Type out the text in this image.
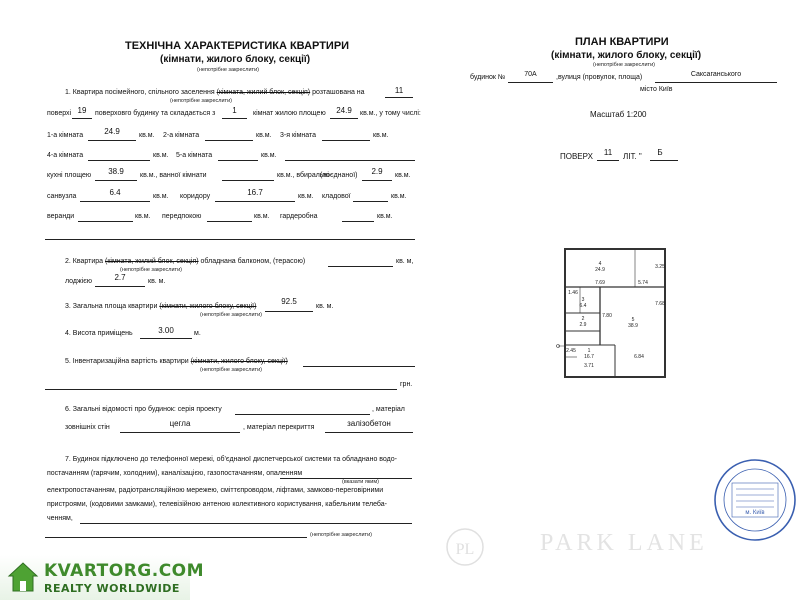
ТЕХНІЧНА ХАРАКТЕРИСТИКА КВАРТИРИ
(кімнати, жилого блоку, секції)
(непотрібне закреслити)
1. Квартира посімейного, спільного заселення (кімната, жилий блок, секція) розташована на	11
(непотрібне закреслити)
поверхі 19	поверховго будинку та складається з	1	кімнат жилою площею	24.9	кв.м., у тому числі:
1-а кімната	24.9	кв.м. 2-а кімната	кв.м. 3-я кімната	кв.м.
4-а кімната	кв.м. 5-а кімната	кв.м.
кухні площею	38.9	кв.м., ванної кімнати	кв.м., вбиральні
(поєднаної)	2.9	кв.м.
санвузла	6.4	кв.м. коридору	16.7	кв.м. кладової	кв.м.
веранди	кв.м. передпокою	кв.м. гардеробна	кв.м.
2. Квартира (кімната, жилий блок, секція) обладнана балконом, (терасою)	кв. м,
(непотрібне закреслити)
лоджією	2.7	кв. м.
3. Загальна площа квартири (кімнати, жилого блоку, секції)
92.5
кв. м.
(непотрібне закреслити)
4. Висота приміщень	3.00	м.
5. Інвентаризаційна вартість квартири (кімнати, жилого блоку, секції)
(непотрібне закреслити)
грн.
6. Загальні відомості про будинок: серія проекту	, матеріал
зовнішніх стін	цегла	, матеріал перекриття	залізобетон
7. Будинок підключено до телефонної мережі, об'єднаної диспетчерської системи та обладнано водо-
постачанням (гарячим, холодним), каналізацією, газопостачанням, опаленням
(вказати яким)
електропостачанням, радіотрансляційною мережею, сміттєпроводом, ліфтами, замково-переговірними
пристроями, (кодовими замками), телевізійною антеною колективного користування, кабельним телеба-
ченням,
(непотрібне закреслити)
ПЛАН КВАРТИРИ
(кімнати, жилого блоку, секції)
(непотрібне закреслити)
будинок №	70А	,вулиця (провулок, площа)	Саксаганського
місто Київ
Масштаб 1:200
ПОВЕРХ	11	ЛІТ. "	Б
4
24.9
7.69	5.74
3.25
1.46
3
6.4
2
2.9
7.80
5
38.9
7.68
1
16.7
2.45
3.71
6.84
м. Київ
PL	PARK LANE
KVARTORG.COM
REALTY WORLDWIDE
